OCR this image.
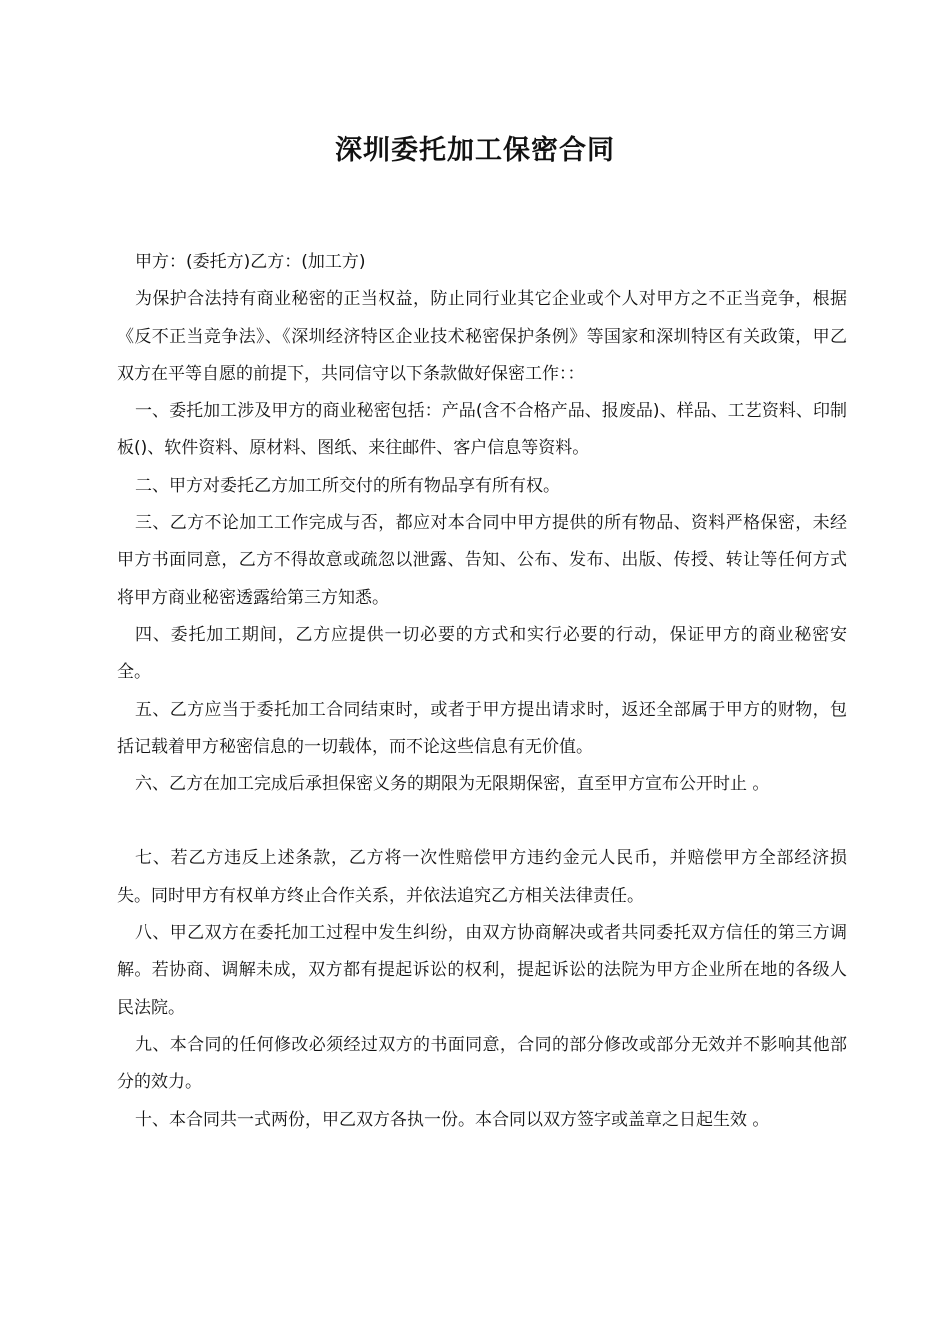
深圳委托加工保密合同

甲方：(委托方)乙方：(加工方)

为保护合法持有商业秘密的正当权益，防止同行业其它企业或个人对甲方之不正当竞争，根据《反不正当竞争法》、《深圳经济特区企业技术秘密保护条例》等国家和深圳特区有关政策，甲乙双方在平等自愿的前提下，共同信守以下条款做好保密工作：：

一、委托加工涉及甲方的商业秘密包括：产品(含不合格产品、报废品)、样品、工艺资料、印制板()、软件资料、原材料、图纸、来往邮件、客户信息等资料。

二、甲方对委托乙方加工所交付的所有物品享有所有权。

三、乙方不论加工工作完成与否，都应对本合同中甲方提供的所有物品、资料严格保密，未经甲方书面同意，乙方不得故意或疏忽以泄露、告知、公布、发布、出版、传授、转让等任何方式将甲方商业秘密透露给第三方知悉。

四、委托加工期间，乙方应提供一切必要的方式和实行必要的行动，保证甲方的商业秘密安全。

五、乙方应当于委托加工合同结束时，或者于甲方提出请求时，返还全部属于甲方的财物，包括记载着甲方秘密信息的一切载体，而不论这些信息有无价值。

六、乙方在加工完成后承担保密义务的期限为无限期保密，直至甲方宣布公开时止 。

七、若乙方违反上述条款，乙方将一次性赔偿甲方违约金元人民币，并赔偿甲方全部经济损失。同时甲方有权单方终止合作关系，并依法追究乙方相关法律责任。

八、甲乙双方在委托加工过程中发生纠纷，由双方协商解决或者共同委托双方信任的第三方调解。若协商、调解未成，双方都有提起诉讼的权利，提起诉讼的法院为甲方企业所在地的各级人民法院。

九、本合同的任何修改必须经过双方的书面同意，合同的部分修改或部分无效并不影响其他部分的效力。

十、本合同共一式两份，甲乙双方各执一份。本合同以双方签字或盖章之日起生效 。
